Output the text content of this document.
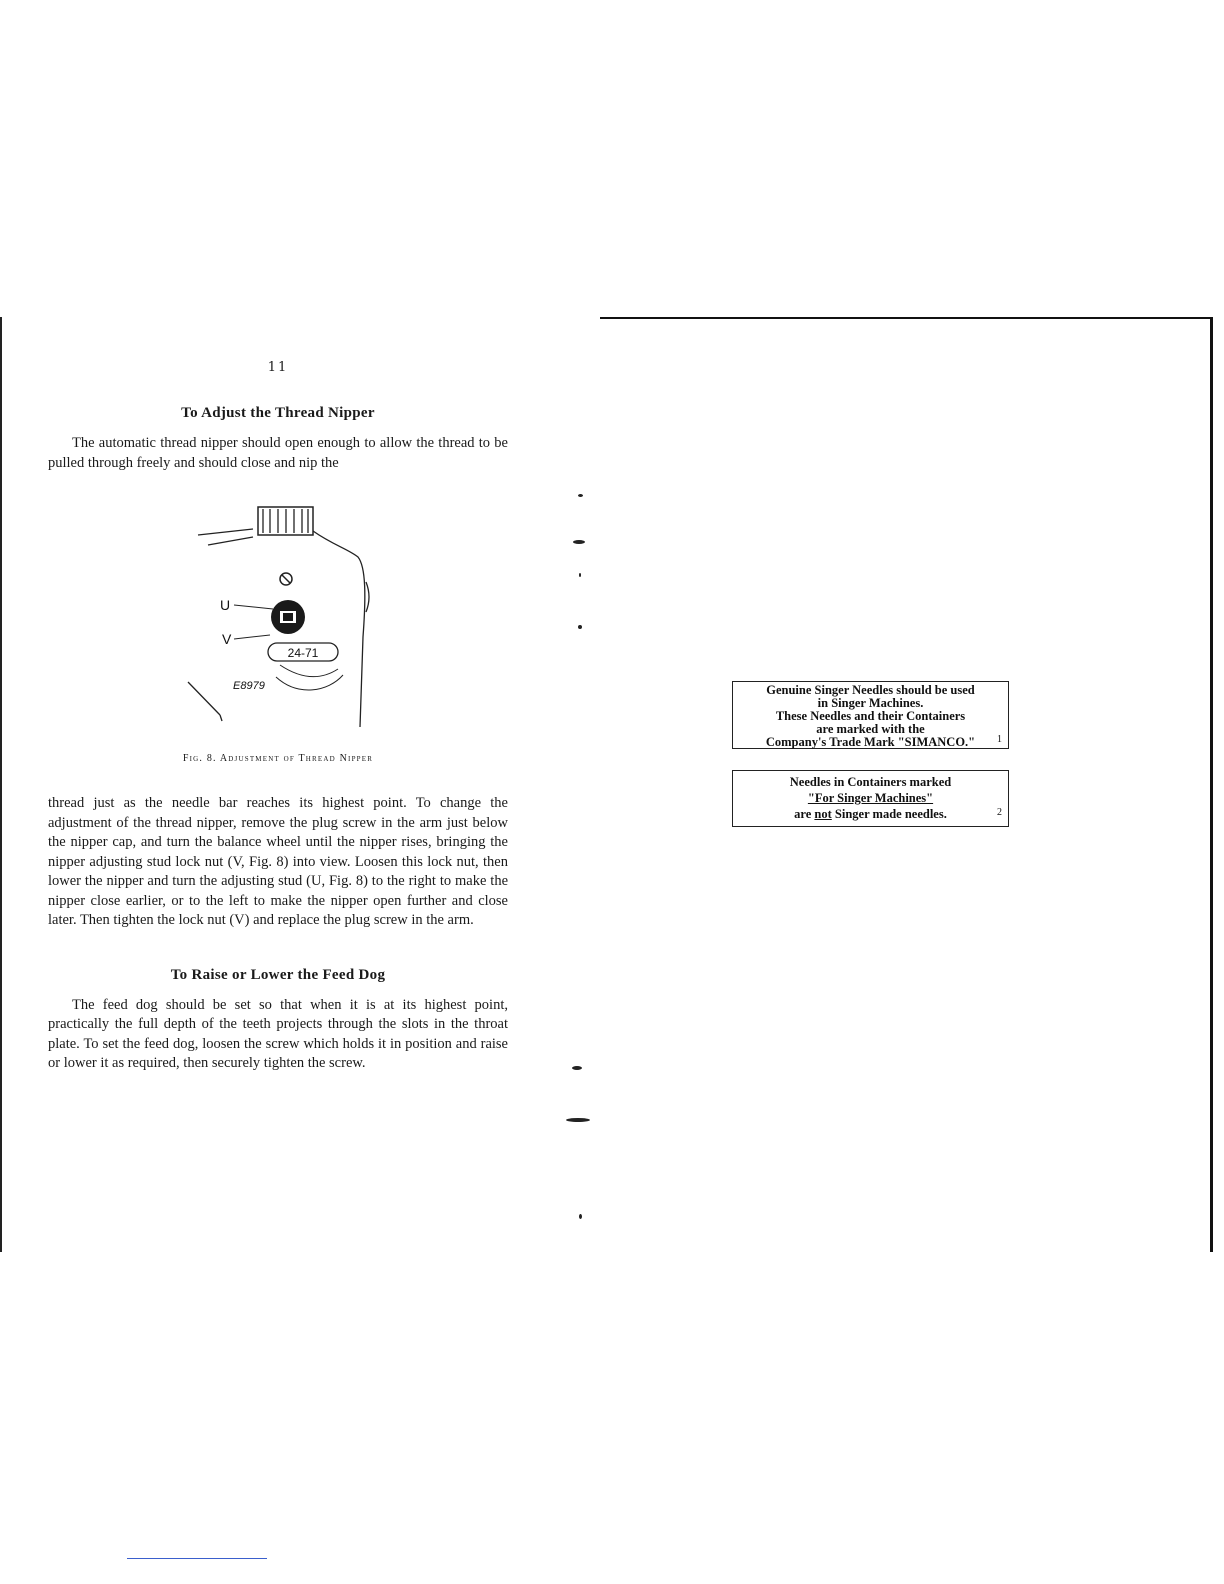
11
To Adjust the Thread Nipper

The automatic thread nipper should open enough to allow the thread to be pulled through freely and should close and nip the

U
V
24-71
E8979
Fig. 8. Adjustment of Thread Nipper

thread just as the needle bar reaches its highest point. To change the adjustment of the thread nipper, remove the plug screw in the arm just below the nipper cap, and turn the balance wheel until the nipper rises, bringing the nipper adjusting stud lock nut (V, Fig. 8) into view. Loosen this lock nut, then lower the nipper and turn the adjusting stud (U, Fig. 8) to the right to make the nipper close earlier, or to the left to make the nipper open further and close later. Then tighten the lock nut (V) and replace the plug screw in the arm.

To Raise or Lower the Feed Dog

The feed dog should be set so that when it is at its highest point, practically the full depth of the teeth projects through the slots in the throat plate. To set the feed dog, loosen the screw which holds it in position and raise or lower it as required, then securely tighten the screw.

Genuine Singer Needles should be used
in Singer Machines.
These Needles and their Containers
are marked with the
Company's Trade Mark "SIMANCO."	1
Needles in Containers marked
"For Singer Machines"
are not Singer made needles.	2
